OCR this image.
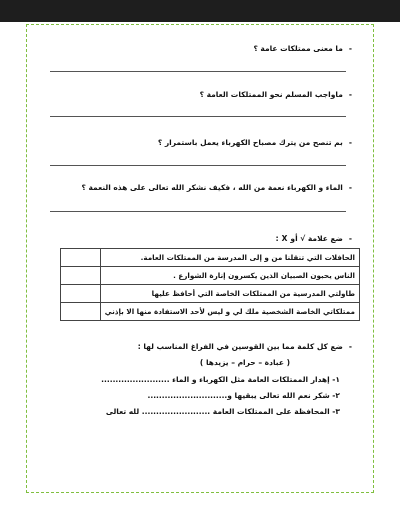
-ما معنى ممتلكات عامة ؟
-ماواجب المسلم نحو الممتلكات العامة ؟
-بم تنصح من يترك مصباح الكهرباء يعمل باستمرار ؟
-الماء و الكهرباء نعمة من الله ، فكيف نشكر الله تعالى على هذه النعمة ؟
-ضع علامة √ أوX:
الحافلات التي تنقلنا من و إلى المدرسة من الممتلكات العامة.	
الناس يحبون الصبيان الذين يكسرون إنارة الشوارع .	
طاولتي المدرسية من الممتلكات الخاصة التي أحافظ عليها	
ممتلكاتي الخاصة الشخصية ملك لي و ليس لأحد الاستفادة منها الا بإذني	
-ضع كل كلمة مما بين القوسين في الفراغ المناسب لها :
( عبادة – حرام – يزيدها )
١- إهدار الممتلكات العامة مثل الكهرباء و الماء ........................
٢- شكر نعم الله تعالى يبقيها و............................
٣- المحافظة على الممتلكات العامة ........................ لله تعالى
